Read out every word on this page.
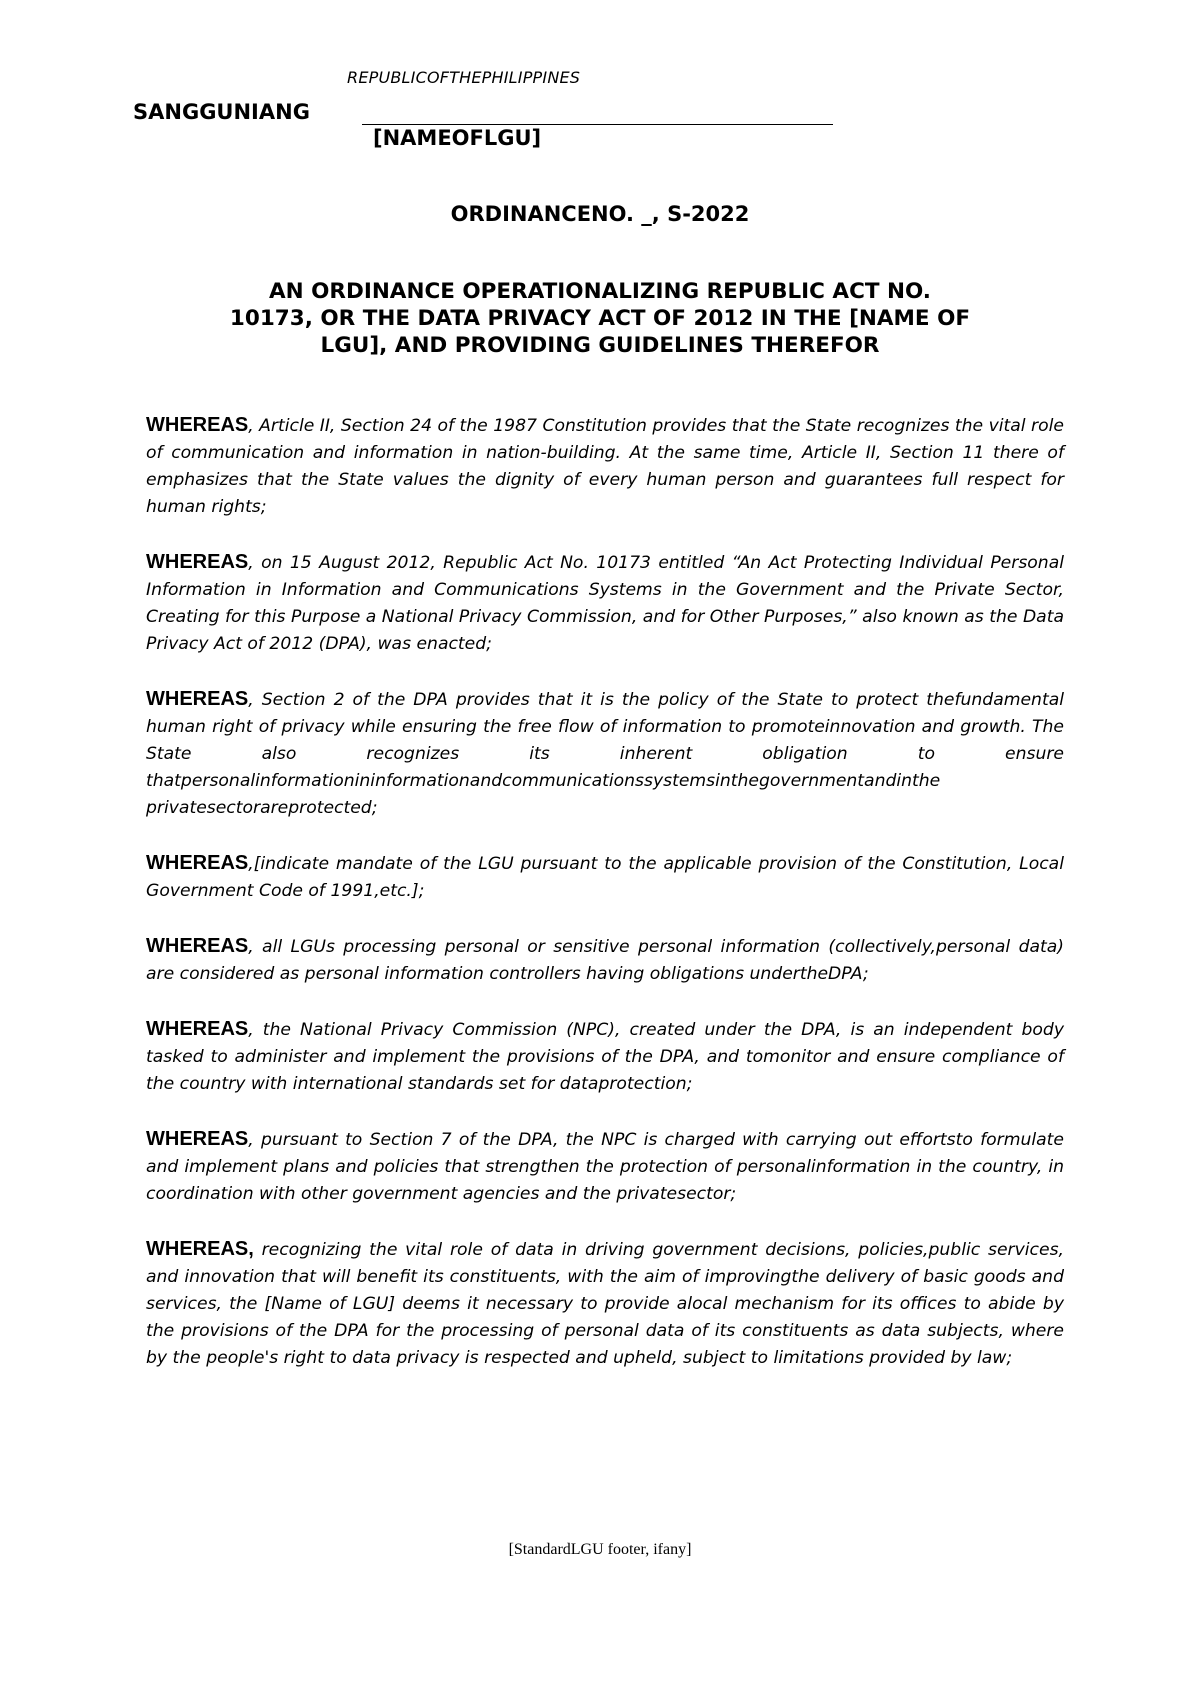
REPUBLICOFTHEPHILIPPINES
SANGGUNIANG
[NAMEOFLGU]
ORDINANCENO. _, S-2022
AN ORDINANCE OPERATIONALIZING REPUBLIC ACT NO.
10173, OR THE DATA PRIVACY ACT OF 2012 IN THE [NAME OF
LGU], AND PROVIDING GUIDELINES THEREFOR

WHEREAS, Article II, Section 24 of the 1987 Constitution provides that the State recognizes the vital role of communication and information in nation-building. At the same time, Article II, Section 11 there of emphasizes that the State values the dignity of every human person and guarantees full respect for human rights;

WHEREAS, on 15 August 2012, Republic Act No. 10173 entitled “An Act Protecting Individual Personal Information in Information and Communications Systems in the Government and the Private Sector, Creating for this Purpose a National Privacy Commission, and for Other Purposes,” also known as the Data Privacy Act of 2012 (DPA), was enacted;

WHEREAS, Section 2 of the DPA provides that it is the policy of the State to protect thefundamental human right of privacy while ensuring the free flow of information to promoteinnovation and growth. The State also recognizes its inherent obligation to ensure thatpersonalinformationininformationandcommunicationssystemsinthegovernmentandinthe privatesectorareprotected;

WHEREAS,[indicate mandate of the LGU pursuant to the applicable provision of the Constitution, Local Government Code of 1991,etc.];

WHEREAS, all LGUs processing personal or sensitive personal information (collectively,personal data) are considered as personal information controllers having obligations undertheDPA;

WHEREAS, the National Privacy Commission (NPC), created under the DPA, is an independent body tasked to administer and implement the provisions of the DPA, and tomonitor and ensure compliance of the country with international standards set for dataprotection;

WHEREAS, pursuant to Section 7 of the DPA, the NPC is charged with carrying out effortsto formulate and implement plans and policies that strengthen the protection of personalinformation in the country, in coordination with other government agencies and the privatesector;

WHEREAS, recognizing the vital role of data in driving government decisions, policies,public services, and innovation that will benefit its constituents, with the aim of improvingthe delivery of basic goods and services, the [Name of LGU] deems it necessary to provide alocal mechanism for its offices to abide by the provisions of the DPA for the processing of personal data of its constituents as data subjects, where by the people's right to data privacy is respected and upheld, subject to limitations provided by law;

[StandardLGU footer, ifany]
